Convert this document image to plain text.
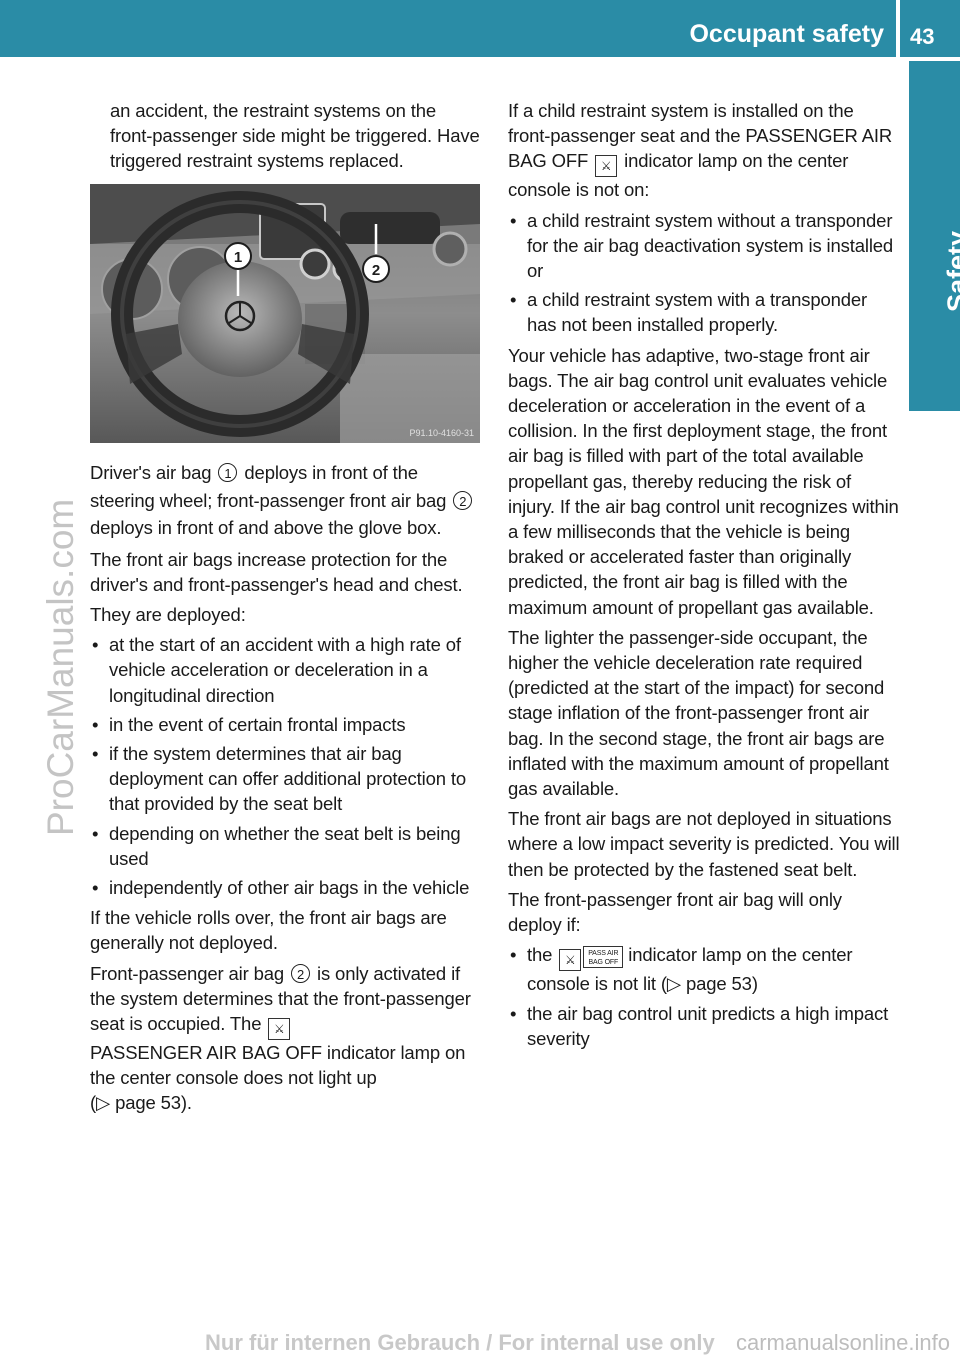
Occupant safety 43
Safety
ProCarManuals.com

an accident, the restraint systems on the front-passenger side might be triggered. Have triggered restraint systems replaced.

1
2
P91.10-4160-31

Driver's air bag 1 deploys in front of the steering wheel; front-passenger front air bag 2 deploys in front of and above the glove box.

The front air bags increase protection for the driver's and front-passenger's head and chest.

They are deployed:

• at the start of an accident with a high rate of vehicle acceleration or deceleration in a longitudinal direction
• in the event of certain frontal impacts
• if the system determines that air bag deployment can offer additional protection to that provided by the seat belt
• depending on whether the seat belt is being used
• independently of other air bags in the vehicle

If the vehicle rolls over, the front air bags are generally not deployed.

Front-passenger air bag 2 is only activated if the system determines that the front-passenger seat is occupied. The ⚔
PASSENGER AIR BAG OFF indicator lamp on the center console does not light up
(▷ page 53).

If a child restraint system is installed on the front-passenger seat and the PASSENGER AIR BAG OFF ⚔ indicator lamp on the center console is not on:

• a child restraint system without a transponder for the air bag deactivation system is installed or
• a child restraint system with a transponder has not been installed properly.

Your vehicle has adaptive, two-stage front air bags. The air bag control unit evaluates vehicle deceleration or acceleration in the event of a collision. In the first deployment stage, the front air bag is filled with part of the total available propellant gas, thereby reducing the risk of injury. If the air bag control unit recognizes within a few milliseconds that the vehicle is being braked or accelerated faster than originally predicted, the front air bag is filled with the maximum amount of propellant gas available.

The lighter the passenger-side occupant, the higher the vehicle deceleration rate required (predicted at the start of the impact) for second stage inflation of the front-passenger front air bag. In the second stage, the front air bags are inflated with the maximum amount of propellant gas available.

The front air bags are not deployed in situations where a low impact severity is predicted. You will then be protected by the fastened seat belt.

The front-passenger front air bag will only deploy if:

• the ⚔ PASS AIR BAG OFF indicator lamp on the center console is not lit (▷ page 53)
• the air bag control unit predicts a high impact severity
Nur für internen Gebrauch / For internal use only carmanualsonline.info
